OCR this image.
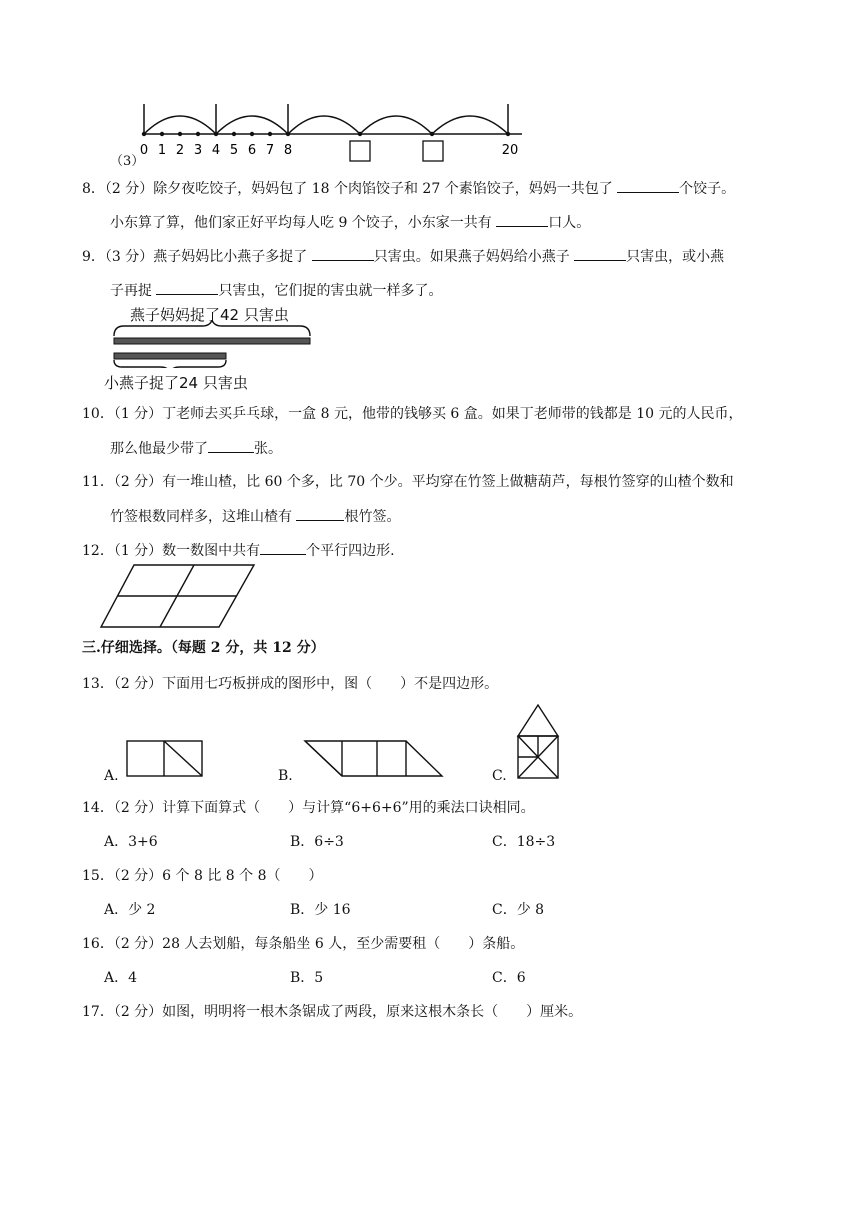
0 1 2 3 4 5 6 7 8	20
（3）
8．（2 分）除夕夜吃饺子，妈妈包了 18 个肉馅饺子和 27 个素馅饺子，妈妈一共包了	个饺子。
小东算了算，他们家正好平均每人吃 9 个饺子，小东家一共有	口人。
9．（3 分）燕子妈妈比小燕子多捉了	只害虫。如果燕子妈妈给小燕子	只害虫，或小燕
子再捉	只害虫，它们捉的害虫就一样多了。
燕子妈妈捉了42 只害虫
小燕子捉了24 只害虫
10．（1 分）丁老师去买乒乓球，一盒 8 元，他带的钱够买 6 盒。如果丁老师带的钱都是 10 元的人民币，
那么他最少带了	张。
11．（2 分）有一堆山楂，比 60 个多，比 70 个少。平均穿在竹签上做糖葫芦，每根竹签穿的山楂个数和
竹签根数同样多，这堆山楂有	根竹签。
12．（1 分）数一数图中共有	个平行四边形.
三.仔细选择。（每题 2 分，共 12 分）
13．（2 分）下面用七巧板拼成的图形中，图（　　）不是四边形。
A.	B.	C.
14．（2 分）计算下面算式（　　）与计算“6+6+6”用的乘法口诀相同。
A．3+6	B．6÷3	C．18÷3
15．（2 分）6 个 8 比 8 个 8（　　）
A．少 2	B．少 16	C．少 8
16．（2 分）28 人去划船，每条船坐 6 人，至少需要租（　　）条船。
A．4	B．5	C．6
17．（2 分）如图，明明将一根木条锯成了两段，原来这根木条长（　　）厘米。
